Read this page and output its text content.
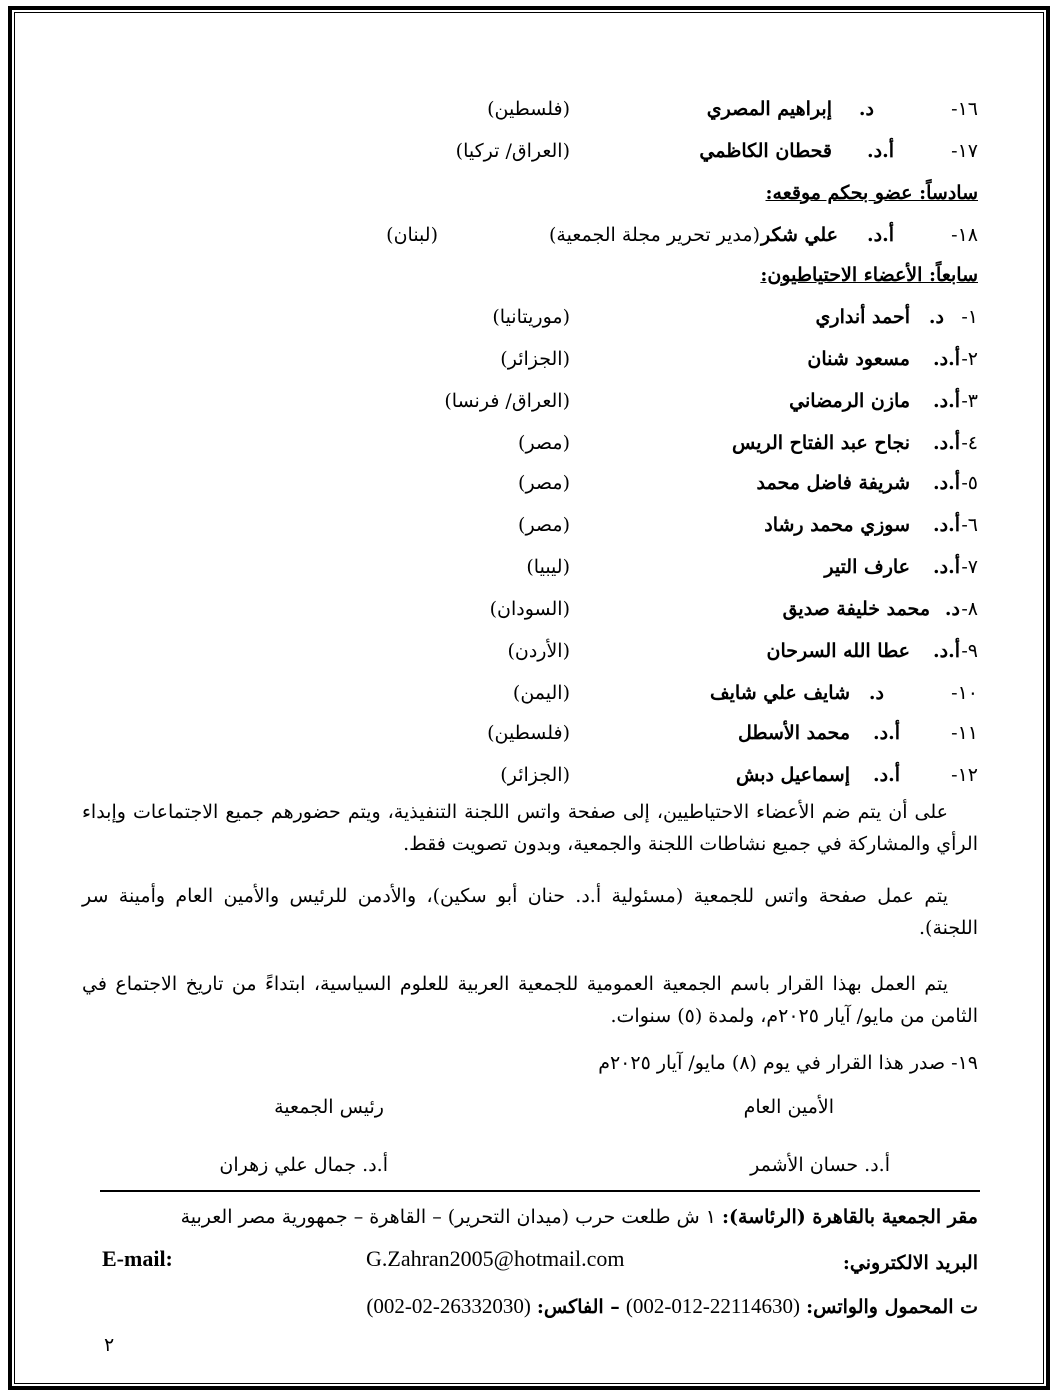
١٦-
د.
إبراهيم المصري
(فلسطين)
١٧-
أ.د.
قحطان الكاظمي
(العراق/ تركيا)
سادساً: عضو بحكم موقعه:
١٨-
أ.د.
علي شكر
(مدير تحرير مجلة الجمعية)
(لبنان)
سابعاً: الأعضاء الاحتياطيون:
١-
د.
أحمد أنداري
(موريتانيا)
٢-
أ.د.
مسعود شنان
(الجزائر)
٣-
أ.د.
مازن الرمضاني
(العراق/ فرنسا)
٤-
أ.د.
نجاح عبد الفتاح الريس
(مصر)
٥-
أ.د.
شريفة فاضل محمد
(مصر)
٦-
أ.د.
سوزي محمد رشاد
(مصر)
٧-
أ.د.
عارف التير
(ليبيا)
٨-
د.
محمد خليفة صديق
(السودان)
٩-
أ.د.
عطا الله السرحان
(الأردن)
١٠-
د.
شايف علي شايف
(اليمن)
١١-
أ.د.
محمد الأسطل
(فلسطين)
١٢-
أ.د.
إسماعيل دبش
(الجزائر)

على أن يتم ضم الأعضاء الاحتياطيين، إلى صفحة واتس اللجنة التنفيذية، ويتم حضورهم جميع الاجتماعات وإبداء الرأي والمشاركة في جميع نشاطات اللجنة والجمعية، وبدون تصويت فقط.

يتم عمل صفحة واتس للجمعية (مسئولية أ.د. حنان أبو سكين)، والأدمن للرئيس والأمين العام وأمينة سر اللجنة).

يتم العمل بهذا القرار باسم الجمعية العمومية للجمعية العربية للعلوم السياسية، ابتداءً من تاريخ الاجتماع في الثامن من مايو/ آيار ٢٠٢٥م، ولمدة (٥) سنوات.

١٩- صدر هذا القرار في يوم (٨) مايو/ آيار ٢٠٢٥م
الأمين العام
أ.د. حسان الأشمر
رئيس الجمعية
أ.د. جمال علي زهران
مقر الجمعية بالقاهرة (الرئاسة): ١ ش طلعت حرب (ميدان التحرير) – القاهرة – جمهورية مصر العربية
البريد الالكتروني:
G.Zahran2005@hotmail.com
E-mail:
ت المحمول والواتس: (002-012-22114630) – الفاكس: (002-02-26332030)
٢
